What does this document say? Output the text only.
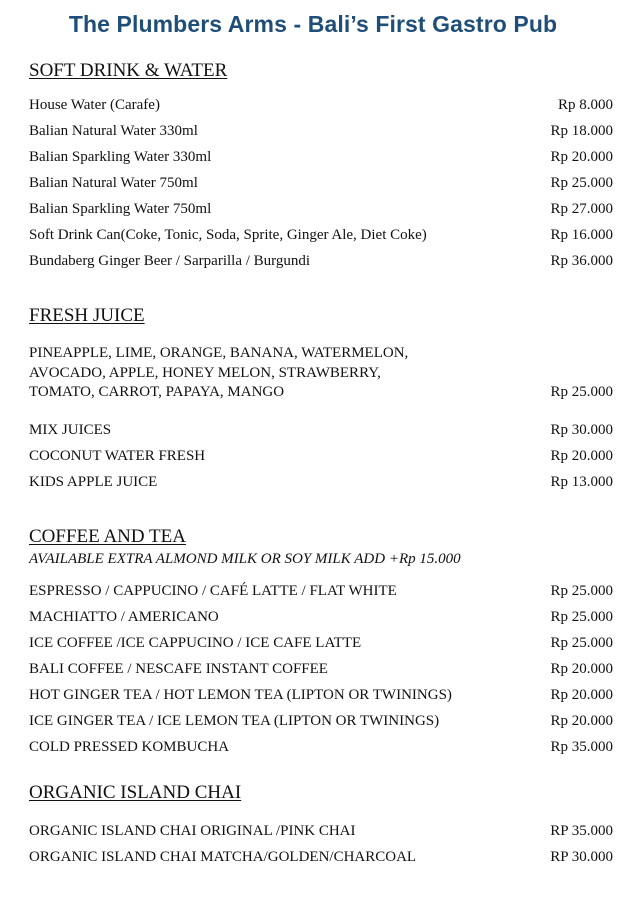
The Plumbers Arms - Bali’s First Gastro Pub
SOFT DRINK & WATER
House Water (Carafe)	Rp 8.000
Balian Natural Water 330ml	Rp 18.000
Balian Sparkling Water 330ml	Rp 20.000
Balian Natural Water 750ml	Rp 25.000
Balian Sparkling Water 750ml	Rp 27.000
Soft Drink Can(Coke, Tonic, Soda, Sprite, Ginger Ale, Diet Coke)	Rp 16.000
Bundaberg Ginger Beer / Sarparilla / Burgundi	Rp 36.000
FRESH JUICE
PINEAPPLE, LIME, ORANGE, BANANA, WATERMELON,
AVOCADO, APPLE, HONEY MELON, STRAWBERRY,
TOMATO, CARROT, PAPAYA, MANGO	Rp 25.000
MIX JUICES	Rp 30.000
COCONUT WATER FRESH	Rp 20.000
KIDS APPLE JUICE	Rp 13.000
COFFEE AND TEA
AVAILABLE EXTRA ALMOND MILK OR SOY MILK ADD +Rp 15.000
ESPRESSO / CAPPUCINO / CAFÉ LATTE / FLAT WHITE	Rp 25.000
MACHIATTO / AMERICANO	Rp 25.000
ICE COFFEE /ICE CAPPUCINO / ICE CAFE LATTE	Rp 25.000
BALI COFFEE / NESCAFE INSTANT COFFEE	Rp 20.000
HOT GINGER TEA / HOT LEMON TEA (LIPTON OR TWININGS)	Rp 20.000
ICE GINGER TEA / ICE LEMON TEA (LIPTON OR TWININGS)	Rp 20.000
COLD PRESSED KOMBUCHA	Rp 35.000
ORGANIC ISLAND CHAI
ORGANIC ISLAND CHAI ORIGINAL /PINK CHAI	RP 35.000
ORGANIC ISLAND CHAI MATCHA/GOLDEN/CHARCOAL	RP 30.000
